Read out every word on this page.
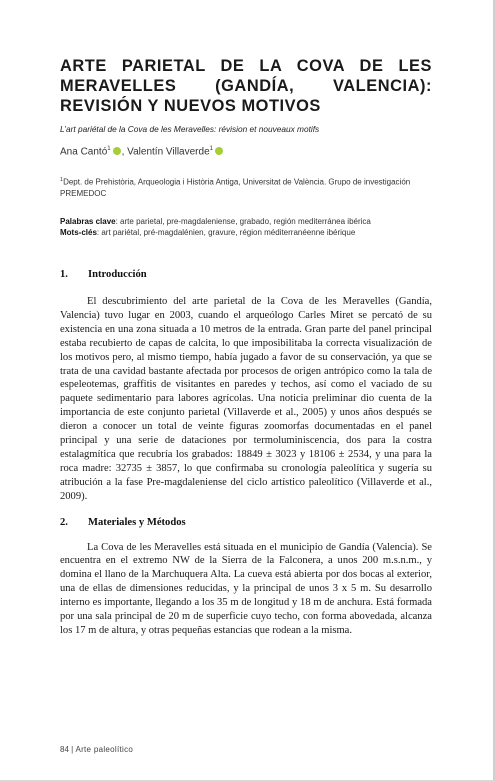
ARTE PARIETAL DE LA COVA DE LES MERAVELLES (GANDÍA, VALENCIA): REVISIÓN Y NUEVOS MOTIVOS
L’art pariétal de la Cova de les Meravelles: révision et nouveaux motifs
Ana Cantó$^1$ , Valentín Villaverde$^1$
$^1$Dept. de Prehistòria, Arqueologia i Història Antiga, Universitat de València. Grupo de investigación PREMEDOC
Palabras clave: arte parietal, pre-magdaleniense, grabado, región mediterránea ibérica
Mots-clés: art pariétal, pré-magdalénien, gravure, région méditerranéenne ibérique
1. Introducción

El descubrimiento del arte parietal de la Cova de les Meravelles (Gandía, Valencia) tuvo lugar en 2003, cuando el arqueólogo Carles Miret se percató de su existencia en una zona situada a 10 metros de la entrada. Gran parte del panel principal estaba recubierto de capas de calcita, lo que imposibilitaba la correcta visualización de los motivos pero, al mismo tiempo, había jugado a favor de su conservación, ya que se trata de una cavidad bastante afectada por procesos de origen antrópico como la tala de espeleotemas, graffitis de visitantes en paredes y techos, así como el vaciado de su paquete sedimentario para labores agrícolas. Una noticia preliminar dio cuenta de la importancia de este conjunto parietal (Villaverde et al., 2005) y unos años después se dieron a conocer un total de veinte figuras zoomorfas documentadas en el panel principal y una serie de dataciones por termoluminiscencia, dos para la costra estalagmítica que recubría los grabados: 18849 ± 3023 y 18106 ± 2534, y una para la roca madre: 32735 ± 3857, lo que confirmaba su cronología paleolítica y sugería su atribución a la fase Pre-magdaleniense del ciclo artístico paleolítico (Villaverde et al., 2009).

2. Materiales y Métodos

La Cova de les Meravelles está situada en el municipio de Gandía (Valencia). Se encuentra en el extremo NW de la Sierra de la Falconera, a unos 200 m.s.n.m., y domina el llano de la Marchuquera Alta. La cueva está abierta por dos bocas al exterior, una de ellas de dimensiones reducidas, y la principal de unos 3 x 5 m. Su desarrollo interno es importante, llegando a los 35 m de longitud y 18 m de anchura. Está formada por una sala principal de 20 m de superficie cuyo techo, con forma abovedada, alcanza los 17 m de altura, y otras pequeñas estancias que rodean a la misma.

84 | Arte paleolítico
